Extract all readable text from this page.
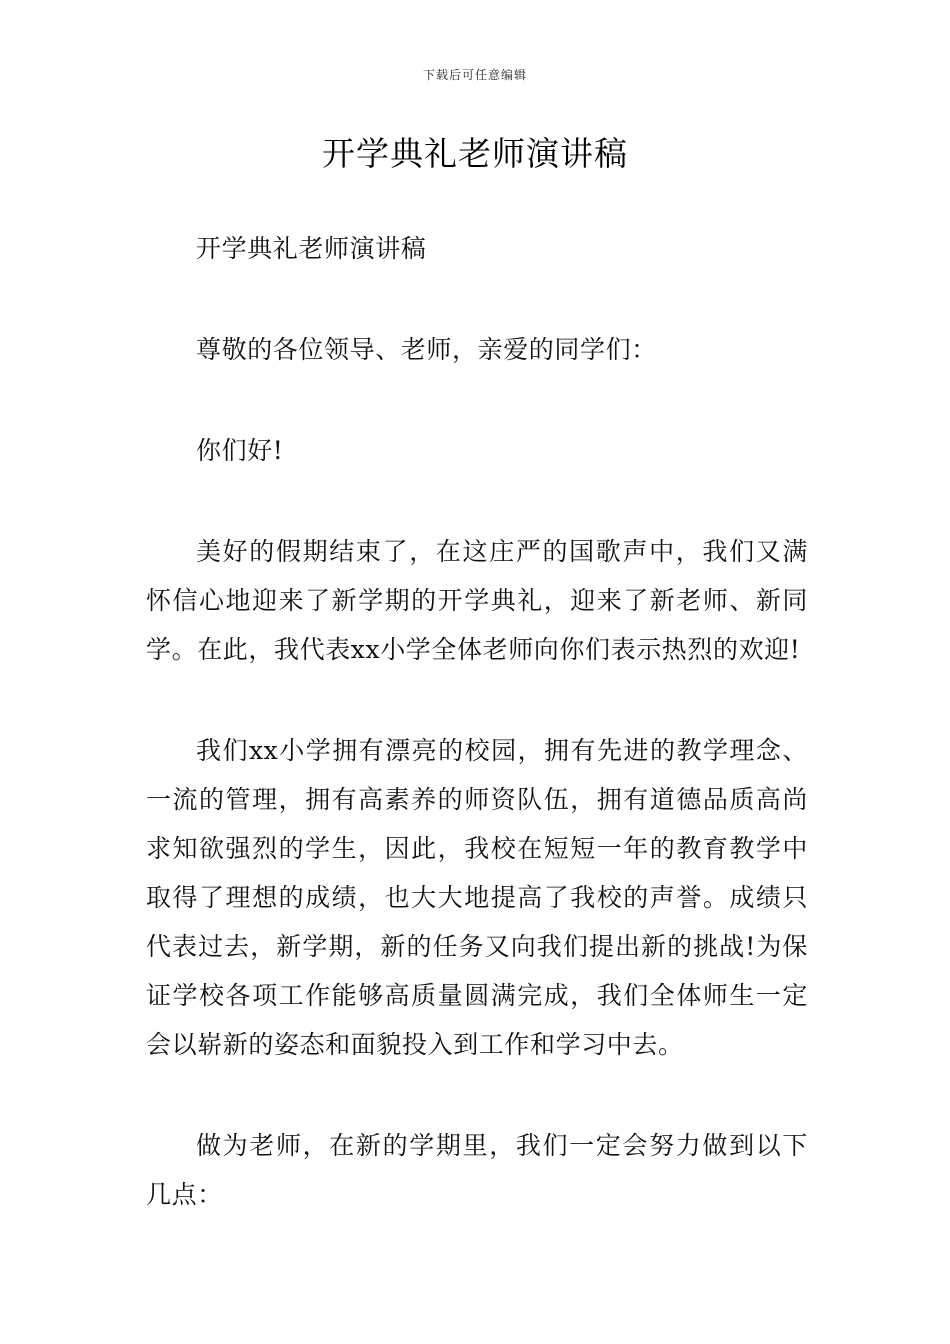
下载后可任意编辑
开学典礼老师演讲稿

开学典礼老师演讲稿

尊敬的各位领导、老师，亲爱的同学们：

你们好!

美好的假期结束了，在这庄严的国歌声中，我们又满怀信心地迎来了新学期的开学典礼，迎来了新老师、新同学。在此，我代表xx小学全体老师向你们表示热烈的欢迎!

我们xx小学拥有漂亮的校园，拥有先进的教学理念、一流的管理，拥有高素养的师资队伍，拥有道德品质高尚求知欲强烈的学生，因此，我校在短短一年的教育教学中取得了理想的成绩，也大大地提高了我校的声誉。成绩只代表过去，新学期，新的任务又向我们提出新的挑战!为保证学校各项工作能够高质量圆满完成，我们全体师生一定会以崭新的姿态和面貌投入到工作和学习中去。

做为老师，在新的学期里，我们一定会努力做到以下几点：
